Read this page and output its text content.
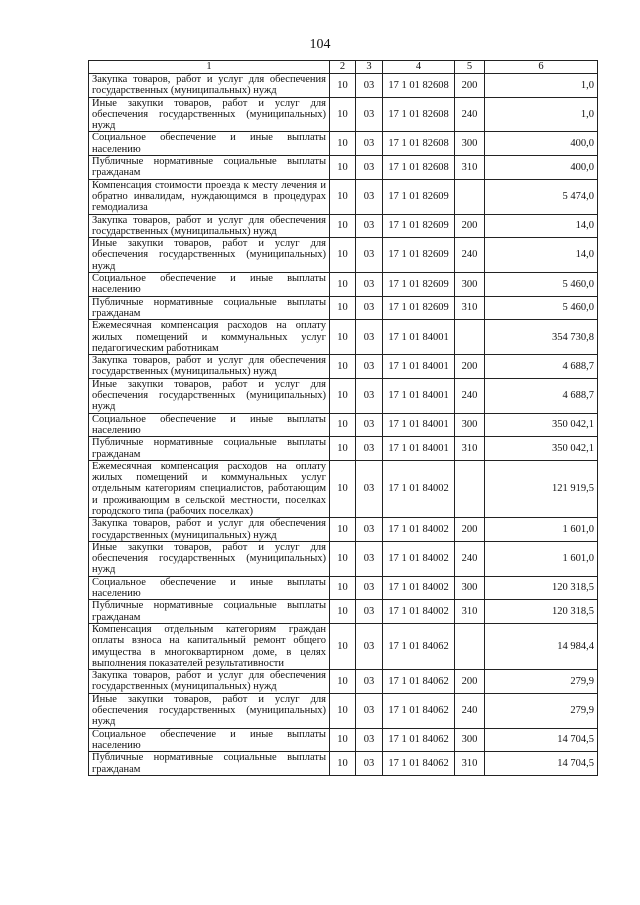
104
1	2	3	4	5	6
Закупка товаров, работ и услуг для обеспечения государственных (муниципальных) нужд	10	03	17 1 01 82608	200	1,0
Иные закупки товаров, работ и услуг для обеспечения государственных (муниципальных) нужд	10	03	17 1 01 82608	240	1,0
Социальное обеспечение и иные выплаты населению	10	03	17 1 01 82608	300	400,0
Публичные нормативные социальные выплаты гражданам	10	03	17 1 01 82608	310	400,0
Компенсация стоимости проезда к месту лечения и обратно инвалидам, нуждающимся в процедурах гемодиализа	10	03	17 1 01 82609		5 474,0
Закупка товаров, работ и услуг для обеспечения государственных (муниципальных) нужд	10	03	17 1 01 82609	200	14,0
Иные закупки товаров, работ и услуг для обеспечения государственных (муниципальных) нужд	10	03	17 1 01 82609	240	14,0
Социальное обеспечение и иные выплаты населению	10	03	17 1 01 82609	300	5 460,0
Публичные нормативные социальные выплаты гражданам	10	03	17 1 01 82609	310	5 460,0
Ежемесячная компенсация расходов на оплату жилых помещений и коммунальных услуг педагогическим работникам	10	03	17 1 01 84001		354 730,8
Закупка товаров, работ и услуг для обеспечения государственных (муниципальных) нужд	10	03	17 1 01 84001	200	4 688,7
Иные закупки товаров, работ и услуг для обеспечения государственных (муниципальных) нужд	10	03	17 1 01 84001	240	4 688,7
Социальное обеспечение и иные выплаты населению	10	03	17 1 01 84001	300	350 042,1
Публичные нормативные социальные выплаты гражданам	10	03	17 1 01 84001	310	350 042,1
Ежемесячная компенсация расходов на оплату жилых помещений и коммунальных услуг отдельным категориям специалистов, работающим и проживающим в сельской местности, поселках городского типа (рабочих поселках)	10	03	17 1 01 84002		121 919,5
Закупка товаров, работ и услуг для обеспечения государственных (муниципальных) нужд	10	03	17 1 01 84002	200	1 601,0
Иные закупки товаров, работ и услуг для обеспечения государственных (муниципальных) нужд	10	03	17 1 01 84002	240	1 601,0
Социальное обеспечение и иные выплаты населению	10	03	17 1 01 84002	300	120 318,5
Публичные нормативные социальные выплаты гражданам	10	03	17 1 01 84002	310	120 318,5
Компенсация отдельным категориям граждан оплаты взноса на капитальный ремонт общего имущества в многоквартирном доме, в целях выполнения показателей результативности	10	03	17 1 01 84062		14 984,4
Закупка товаров, работ и услуг для обеспечения государственных (муниципальных) нужд	10	03	17 1 01 84062	200	279,9
Иные закупки товаров, работ и услуг для обеспечения государственных (муниципальных) нужд	10	03	17 1 01 84062	240	279,9
Социальное обеспечение и иные выплаты населению	10	03	17 1 01 84062	300	14 704,5
Публичные нормативные социальные выплаты гражданам	10	03	17 1 01 84062	310	14 704,5
